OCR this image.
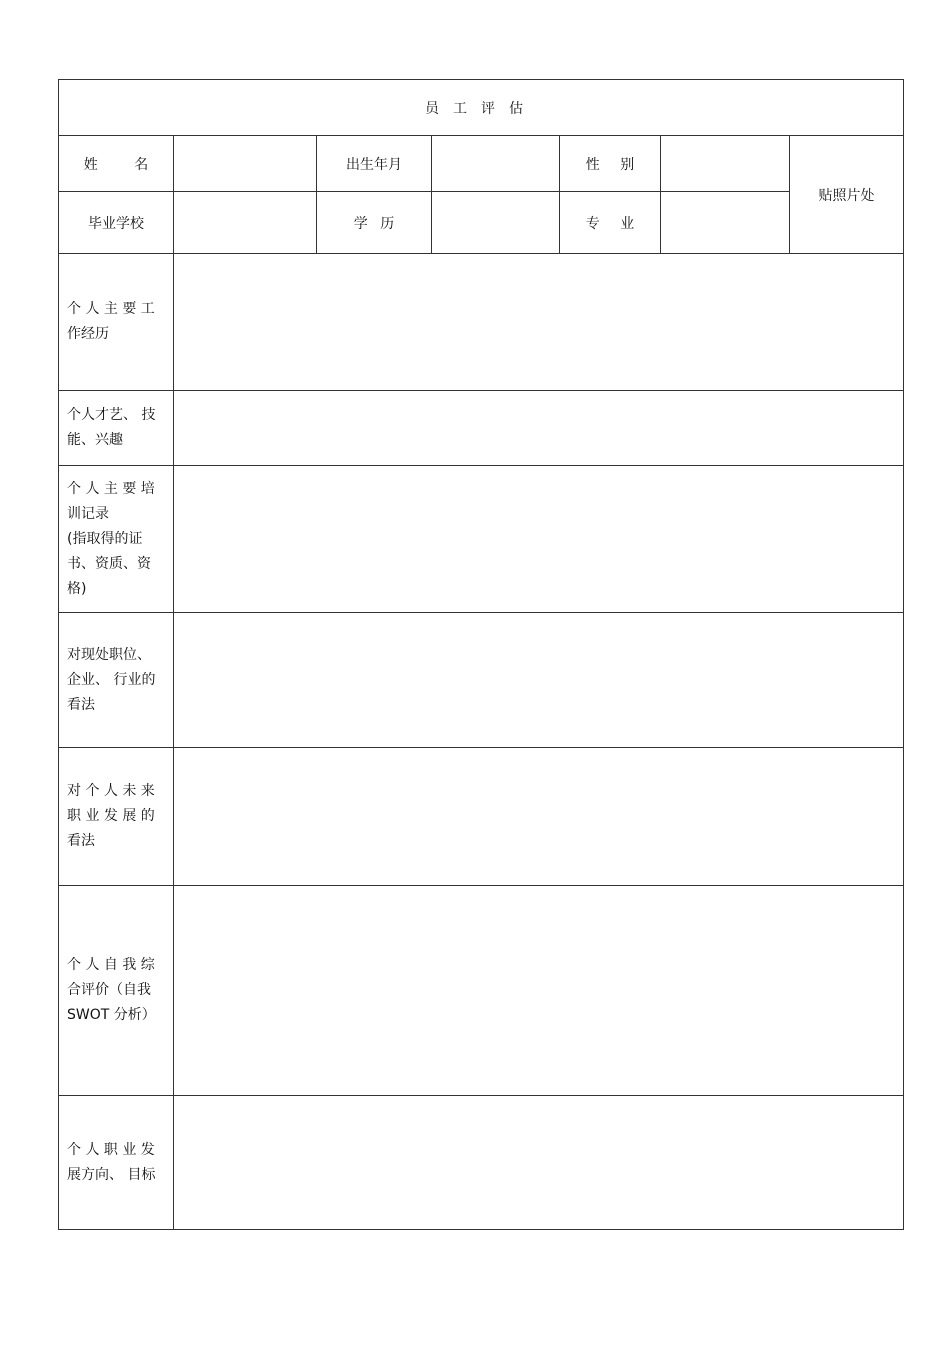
员工评估						
姓 名		出生年月		性 别		贴照片处
毕业学校		学 历		专 业		

个 人 主 要 工
作经历						

个人才艺、 技
能、兴趣						

个 人 主 要 培
训记录
(指取得的证
书、资质、资
格)						

对现处职位、
企业、 行业的
看法						

对 个 人 未 来
职 业 发 展 的
看法						

个 人 自 我 综
合评价（自我
SWOT 分析）						

个 人 职 业 发
展方向、 目标						
